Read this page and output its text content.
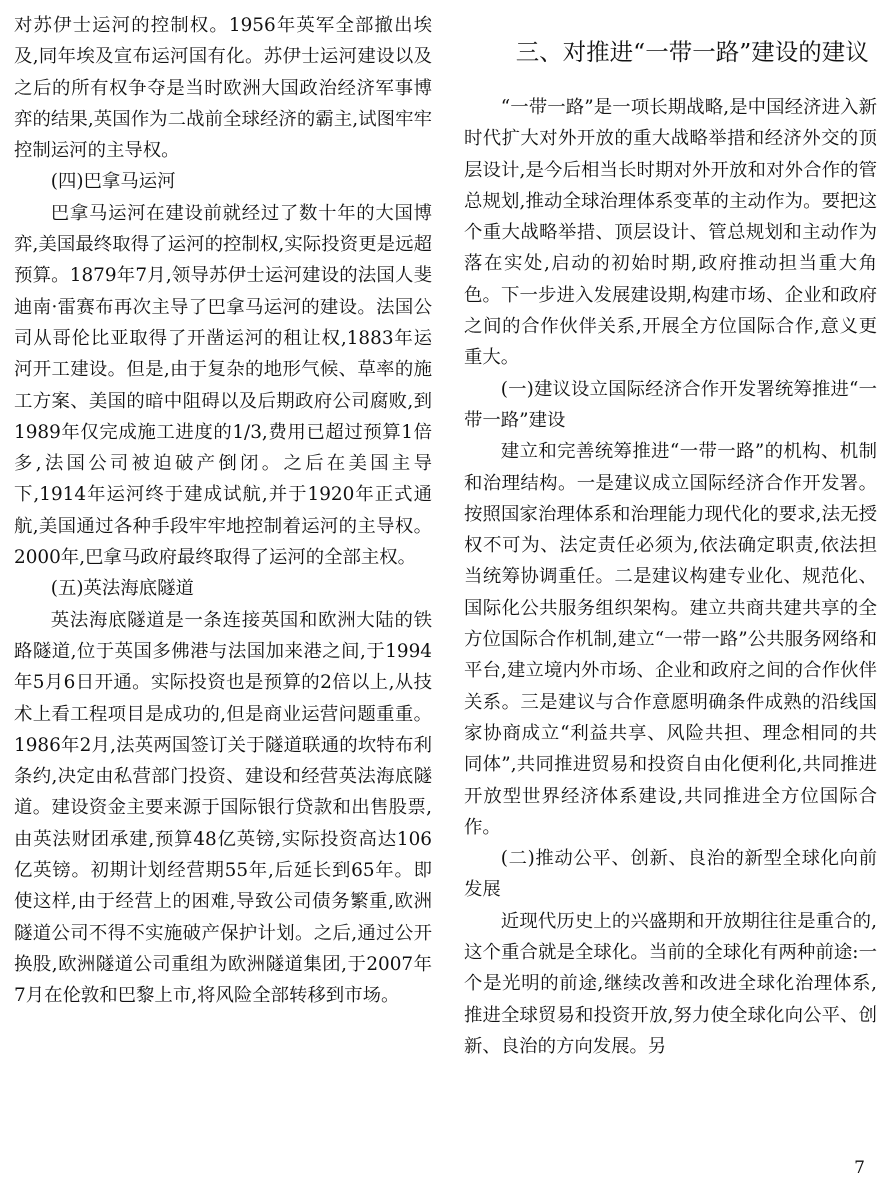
对苏伊士运河的控制权。1956年英军全部撤出埃及,同年埃及宣布运河国有化。苏伊士运河建设以及之后的所有权争夺是当时欧洲大国政治经济军事博弈的结果,英国作为二战前全球经济的霸主,试图牢牢控制运河的主导权。

(四)巴拿马运河

巴拿马运河在建设前就经过了数十年的大国博弈,美国最终取得了运河的控制权,实际投资更是远超预算。1879年7月,领导苏伊士运河建设的法国人斐迪南·雷赛布再次主导了巴拿马运河的建设。法国公司从哥伦比亚取得了开凿运河的租让权,1883年运河开工建设。但是,由于复杂的地形气候、草率的施工方案、美国的暗中阻碍以及后期政府公司腐败,到1989年仅完成施工进度的1/3,费用已超过预算1倍多,法国公司被迫破产倒闭。之后在美国主导下,1914年运河终于建成试航,并于1920年正式通航,美国通过各种手段牢牢地控制着运河的主导权。2000年,巴拿马政府最终取得了运河的全部主权。

(五)英法海底隧道

英法海底隧道是一条连接英国和欧洲大陆的铁路隧道,位于英国多佛港与法国加来港之间,于1994年5月6日开通。实际投资也是预算的2倍以上,从技术上看工程项目是成功的,但是商业运营问题重重。1986年2月,法英两国签订关于隧道联通的坎特布利条约,决定由私营部门投资、建设和经营英法海底隧道。建设资金主要来源于国际银行贷款和出售股票,由英法财团承建,预算48亿英镑,实际投资高达106亿英镑。初期计划经营期55年,后延长到65年。即使这样,由于经营上的困难,导致公司债务繁重,欧洲隧道公司不得不实施破产保护计划。之后,通过公开换股,欧洲隧道公司重组为欧洲隧道集团,于2007年7月在伦敦和巴黎上市,将风险全部转移到市场。

三、对推进“一带一路”建设的建议

“一带一路”是一项长期战略,是中国经济进入新时代扩大对外开放的重大战略举措和经济外交的顶层设计,是今后相当长时期对外开放和对外合作的管总规划,推动全球治理体系变革的主动作为。要把这个重大战略举措、顶层设计、管总规划和主动作为落在实处,启动的初始时期,政府推动担当重大角色。下一步进入发展建设期,构建市场、企业和政府之间的合作伙伴关系,开展全方位国际合作,意义更重大。

(一)建议设立国际经济合作开发署统筹推进“一带一路”建设

建立和完善统筹推进“一带一路”的机构、机制和治理结构。一是建议成立国际经济合作开发署。按照国家治理体系和治理能力现代化的要求,法无授权不可为、法定责任必须为,依法确定职责,依法担当统筹协调重任。二是建议构建专业化、规范化、国际化公共服务组织架构。建立共商共建共享的全方位国际合作机制,建立“一带一路”公共服务网络和平台,建立境内外市场、企业和政府之间的合作伙伴关系。三是建议与合作意愿明确条件成熟的沿线国家协商成立“利益共享、风险共担、理念相同的共同体”,共同推进贸易和投资自由化便利化,共同推进开放型世界经济体系建设,共同推进全方位国际合作。

(二)推动公平、创新、良治的新型全球化向前发展

近现代历史上的兴盛期和开放期往往是重合的,这个重合就是全球化。当前的全球化有两种前途:一个是光明的前途,继续改善和改进全球化治理体系,推进全球贸易和投资开放,努力使全球化向公平、创新、良治的方向发展。另

7
